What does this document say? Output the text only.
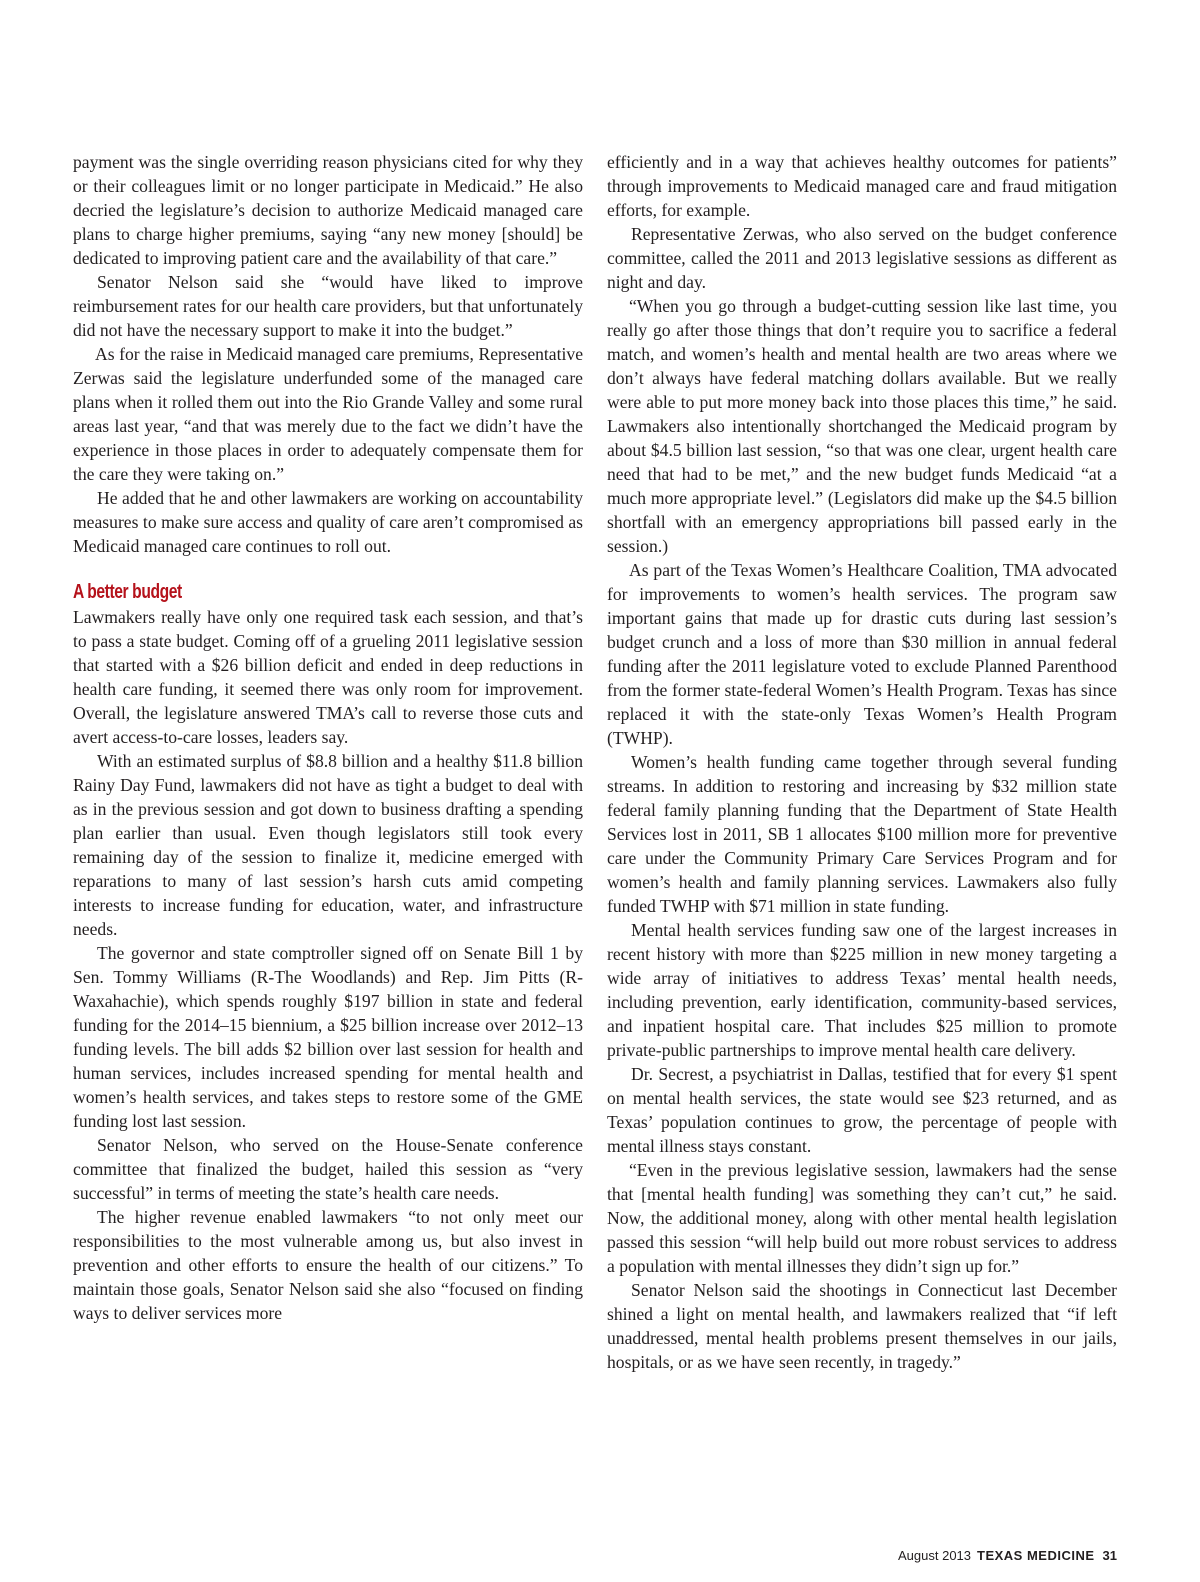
payment was the single overriding reason physicians cited for why they or their colleagues limit or no longer participate in Medicaid.” He also decried the legislature’s decision to authorize Medicaid managed care plans to charge higher premiums, saying “any new money [should] be dedicated to improving patient care and the availability of that care.”

Senator Nelson said she “would have liked to improve reimbursement rates for our health care providers, but that unfortunately did not have the necessary support to make it into the budget.”

As for the raise in Medicaid managed care premiums, Representative Zerwas said the legislature underfunded some of the managed care plans when it rolled them out into the Rio Grande Valley and some rural areas last year, “and that was merely due to the fact we didn’t have the experience in those places in order to adequately compensate them for the care they were taking on.”

He added that he and other lawmakers are working on accountability measures to make sure access and quality of care aren’t compromised as Medicaid managed care continues to roll out.

A better budget

Lawmakers really have only one required task each session, and that’s to pass a state budget. Coming off of a grueling 2011 legislative session that started with a $26 billion deficit and ended in deep reductions in health care funding, it seemed there was only room for improvement. Overall, the legislature answered TMA’s call to reverse those cuts and avert access-to-care losses, leaders say.

With an estimated surplus of $8.8 billion and a healthy $11.8 billion Rainy Day Fund, lawmakers did not have as tight a budget to deal with as in the previous session and got down to business drafting a spending plan earlier than usual. Even though legislators still took every remaining day of the session to finalize it, medicine emerged with reparations to many of last session’s harsh cuts amid competing interests to increase funding for education, water, and infrastructure needs.

The governor and state comptroller signed off on Senate Bill 1 by Sen. Tommy Williams (R-The Woodlands) and Rep. Jim Pitts (R-Waxahachie), which spends roughly $197 billion in state and federal funding for the 2014–15 biennium, a $25 billion increase over 2012–13 funding levels. The bill adds $2 billion over last session for health and human services, includes increased spending for mental health and women’s health services, and takes steps to restore some of the GME funding lost last session.

Senator Nelson, who served on the House-Senate conference committee that finalized the budget, hailed this session as “very successful” in terms of meeting the state’s health care needs.

The higher revenue enabled lawmakers “to not only meet our responsibilities to the most vulnerable among us, but also invest in prevention and other efforts to ensure the health of our citizens.” To maintain those goals, Senator Nelson said she also “focused on finding ways to deliver services more

efficiently and in a way that achieves healthy outcomes for patients” through improvements to Medicaid managed care and fraud mitigation efforts, for example.

Representative Zerwas, who also served on the budget conference committee, called the 2011 and 2013 legislative sessions as different as night and day.

“When you go through a budget-cutting session like last time, you really go after those things that don’t require you to sacrifice a federal match, and women’s health and mental health are two areas where we don’t always have federal matching dollars available. But we really were able to put more money back into those places this time,” he said. Lawmakers also intentionally shortchanged the Medicaid program by about $4.5 billion last session, “so that was one clear, urgent health care need that had to be met,” and the new budget funds Medicaid “at a much more appropriate level.” (Legislators did make up the $4.5 billion shortfall with an emergency appropriations bill passed early in the session.)

As part of the Texas Women’s Healthcare Coalition, TMA advocated for improvements to women’s health services. The program saw important gains that made up for drastic cuts during last session’s budget crunch and a loss of more than $30 million in annual federal funding after the 2011 legislature voted to exclude Planned Parenthood from the former state-federal Women’s Health Program. Texas has since replaced it with the state-only Texas Women’s Health Program (TWHP).

Women’s health funding came together through several funding streams. In addition to restoring and increasing by $32 million state federal family planning funding that the Department of State Health Services lost in 2011, SB 1 allocates $100 million more for preventive care under the Community Primary Care Services Program and for women’s health and family planning services. Lawmakers also fully funded TWHP with $71 million in state funding.

Mental health services funding saw one of the largest increases in recent history with more than $225 million in new money targeting a wide array of initiatives to address Texas’ mental health needs, including prevention, early identification, community-based services, and inpatient hospital care. That includes $25 million to promote private-public partnerships to improve mental health care delivery.

Dr. Secrest, a psychiatrist in Dallas, testified that for every $1 spent on mental health services, the state would see $23 returned, and as Texas’ population continues to grow, the percentage of people with mental illness stays constant.

“Even in the previous legislative session, lawmakers had the sense that [mental health funding] was something they can’t cut,” he said. Now, the additional money, along with other mental health legislation passed this session “will help build out more robust services to address a population with mental illnesses they didn’t sign up for.”

Senator Nelson said the shootings in Connecticut last December shined a light on mental health, and lawmakers realized that “if left unaddressed, mental health problems present themselves in our jails, hospitals, or as we have seen recently, in tragedy.”

August 2013 TEXAS MEDICINE 31
